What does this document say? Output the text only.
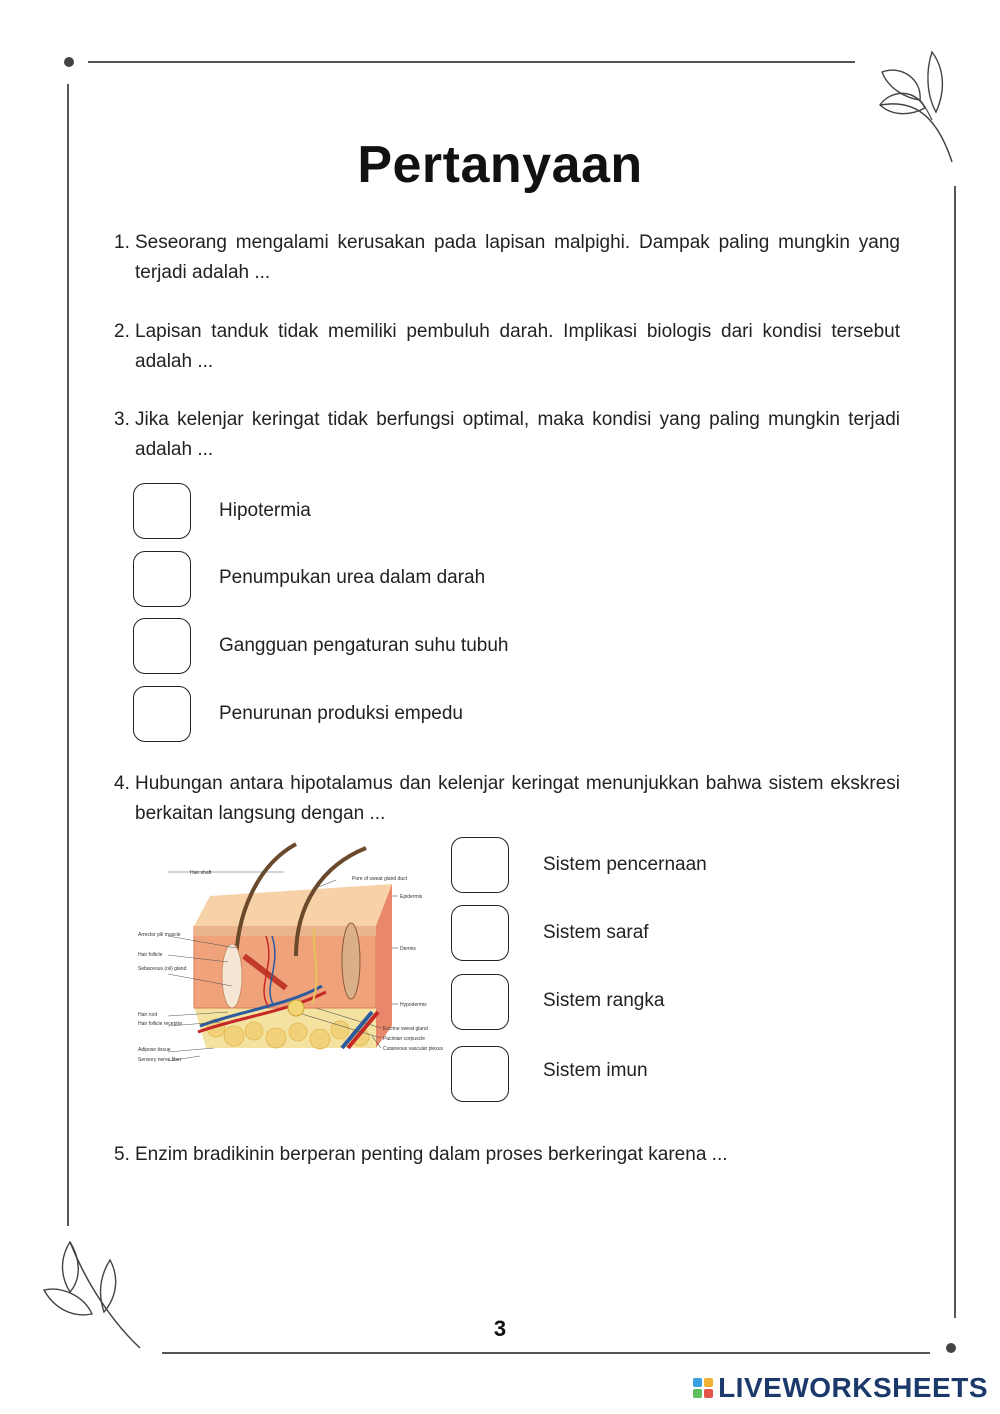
Pertanyaan
1. Seseorang mengalami kerusakan pada lapisan malpighi. Dampak paling mungkin yang terjadi adalah ...
2. Lapisan tanduk tidak memiliki pembuluh darah. Implikasi biologis dari kondisi tersebut adalah ...
3. Jika kelenjar keringat tidak berfungsi optimal, maka kondisi yang paling mungkin terjadi adalah ...
Hipotermia
Penumpukan urea dalam darah
Gangguan pengaturan suhu tubuh
Penurunan produksi empedu
4. Hubungan antara hipotalamus dan kelenjar keringat menunjukkan bahwa sistem ekskresi berkaitan langsung dengan ...
Hair shaft
Arrector pili muscle
Hair follicle
Sebaceous (oil) gland
Hair root
Hair follicle receptor
Adipose tissue
Sensory nerve fiber
Pore of sweat gland duct
Epidermis
Dermis
Hypodermis
Eccrine sweat gland
Pacinian corpuscle
Cutaneous vascular plexus
Sistem pencernaan
Sistem saraf
Sistem rangka
Sistem imun
5. Enzim bradikinin berperan penting dalam proses berkeringat karena ...
3
LIVEWORKSHEETS
